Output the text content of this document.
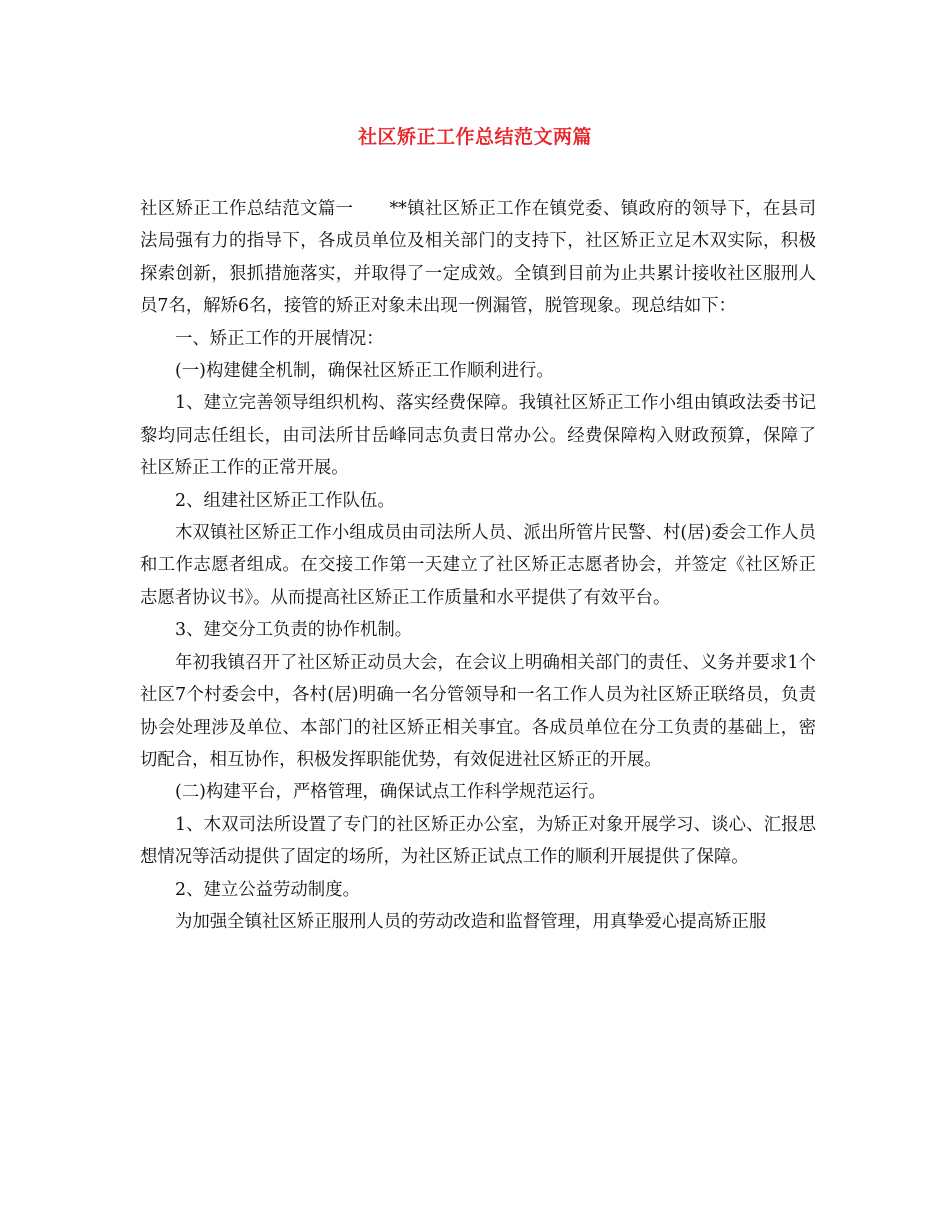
社区矫正工作总结范文两篇

社区矫正工作总结范文篇一 **镇社区矫正工作在镇党委、镇政府的领导下，在县司法局强有力的指导下，各成员单位及相关部门的支持下，社区矫正立足木双实际，积极探索创新，狠抓措施落实，并取得了一定成效。全镇到目前为止共累计接收社区服刑人员7名，解矫6名，接管的矫正对象未出现一例漏管，脱管现象。现总结如下：

一、矫正工作的开展情况：

(一)构建健全机制，确保社区矫正工作顺利进行。

1、建立完善领导组织机构、落实经费保障。我镇社区矫正工作小组由镇政法委书记黎均同志任组长，由司法所甘岳峰同志负责日常办公。经费保障构入财政预算，保障了社区矫正工作的正常开展。

2、组建社区矫正工作队伍。

木双镇社区矫正工作小组成员由司法所人员、派出所管片民警、村(居)委会工作人员和工作志愿者组成。在交接工作第一天建立了社区矫正志愿者协会，并签定《社区矫正志愿者协议书》。从而提高社区矫正工作质量和水平提供了有效平台。

3、建交分工负责的协作机制。

年初我镇召开了社区矫正动员大会，在会议上明确相关部门的责任、义务并要求1个社区7个村委会中，各村(居)明确一名分管领导和一名工作人员为社区矫正联络员，负责协会处理涉及单位、本部门的社区矫正相关事宜。各成员单位在分工负责的基础上，密切配合，相互协作，积极发挥职能优势，有效促进社区矫正的开展。

(二)构建平台，严格管理，确保试点工作科学规范运行。

1、木双司法所设置了专门的社区矫正办公室，为矫正对象开展学习、谈心、汇报思想情况等活动提供了固定的场所，为社区矫正试点工作的顺利开展提供了保障。

2、建立公益劳动制度。

为加强全镇社区矫正服刑人员的劳动改造和监督管理，用真挚爱心提高矫正服
